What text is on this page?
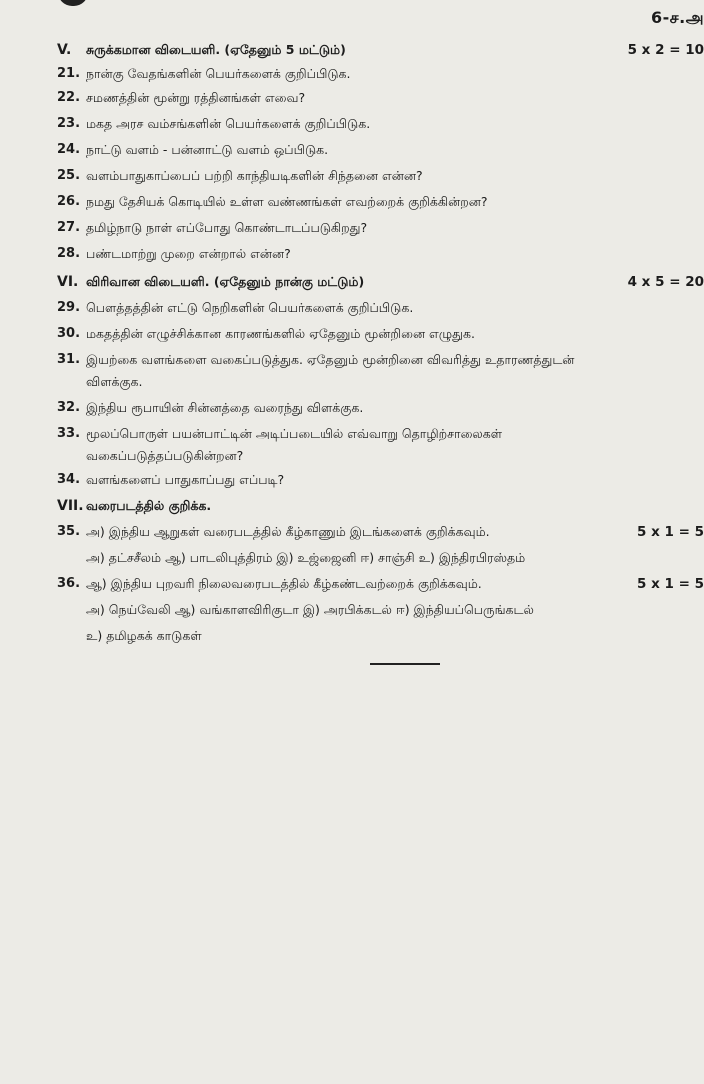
6-ச.அ
V. சுருக்கமான விடையளி. (ஏதேனும் 5 மட்டும்)	5 x 2 = 10
21. நான்கு வேதங்களின் பெயர்களைக் குறிப்பிடுக.
22. சமணத்தின் மூன்று ரத்தினங்கள் எவை?
23. மகத அரச வம்சங்களின் பெயர்களைக் குறிப்பிடுக.
24. நாட்டு வளம் - பன்னாட்டு வளம் ஒப்பிடுக.
25. வளம்பாதுகாப்பைப் பற்றி காந்தியடிகளின் சிந்தனை என்ன?
26. நமது தேசியக் கொடியில் உள்ள வண்ணங்கள் எவற்றைக் குறிக்கின்றன?
27. தமிழ்நாடு நாள் எப்போது கொண்டாடப்படுகிறது?
28. பண்டமாற்று முறை என்றால் என்ன?
VI. விரிவான விடையளி. (ஏதேனும் நான்கு மட்டும்)	4 x 5 = 20
29. பௌத்தத்தின் எட்டு நெறிகளின் பெயர்களைக் குறிப்பிடுக.
30. மகதத்தின் எழுச்சிக்கான காரணங்களில் ஏதேனும் மூன்றினை எழுதுக.
31. இயற்கை வளங்களை வகைப்படுத்துக. ஏதேனும் மூன்றினை விவரித்து உதாரணத்துடன்
விளக்குக.
32. இந்திய ரூபாயின் சின்னத்தை வரைந்து விளக்குக.
33. மூலப்பொருள் பயன்பாட்டின் அடிப்படையில் எவ்வாறு தொழிற்சாலைகள்
வகைப்படுத்தப்படுகின்றன?
34. வளங்களைப் பாதுகாப்பது எப்படி?
VII. வரைபடத்தில் குறிக்க.
35. அ) இந்திய ஆறுகள் வரைபடத்தில் கீழ்காணும் இடங்களைக் குறிக்கவும்.	5 x 1 = 5
அ) தட்சசீலம் ஆ) பாடலிபுத்திரம் இ) உஜ்ஜைனி ஈ) சாஞ்சி உ) இந்திரபிரஸ்தம்
36. ஆ) இந்திய புறவரி நிலைவரைபடத்தில் கீழ்கண்டவற்றைக் குறிக்கவும்.	5 x 1 = 5
அ) நெய்வேலி ஆ) வங்காளவிரிகுடா இ) அரபிக்கடல் ஈ) இந்தியப்பெருங்கடல்
உ) தமிழகக் காடுகள்
